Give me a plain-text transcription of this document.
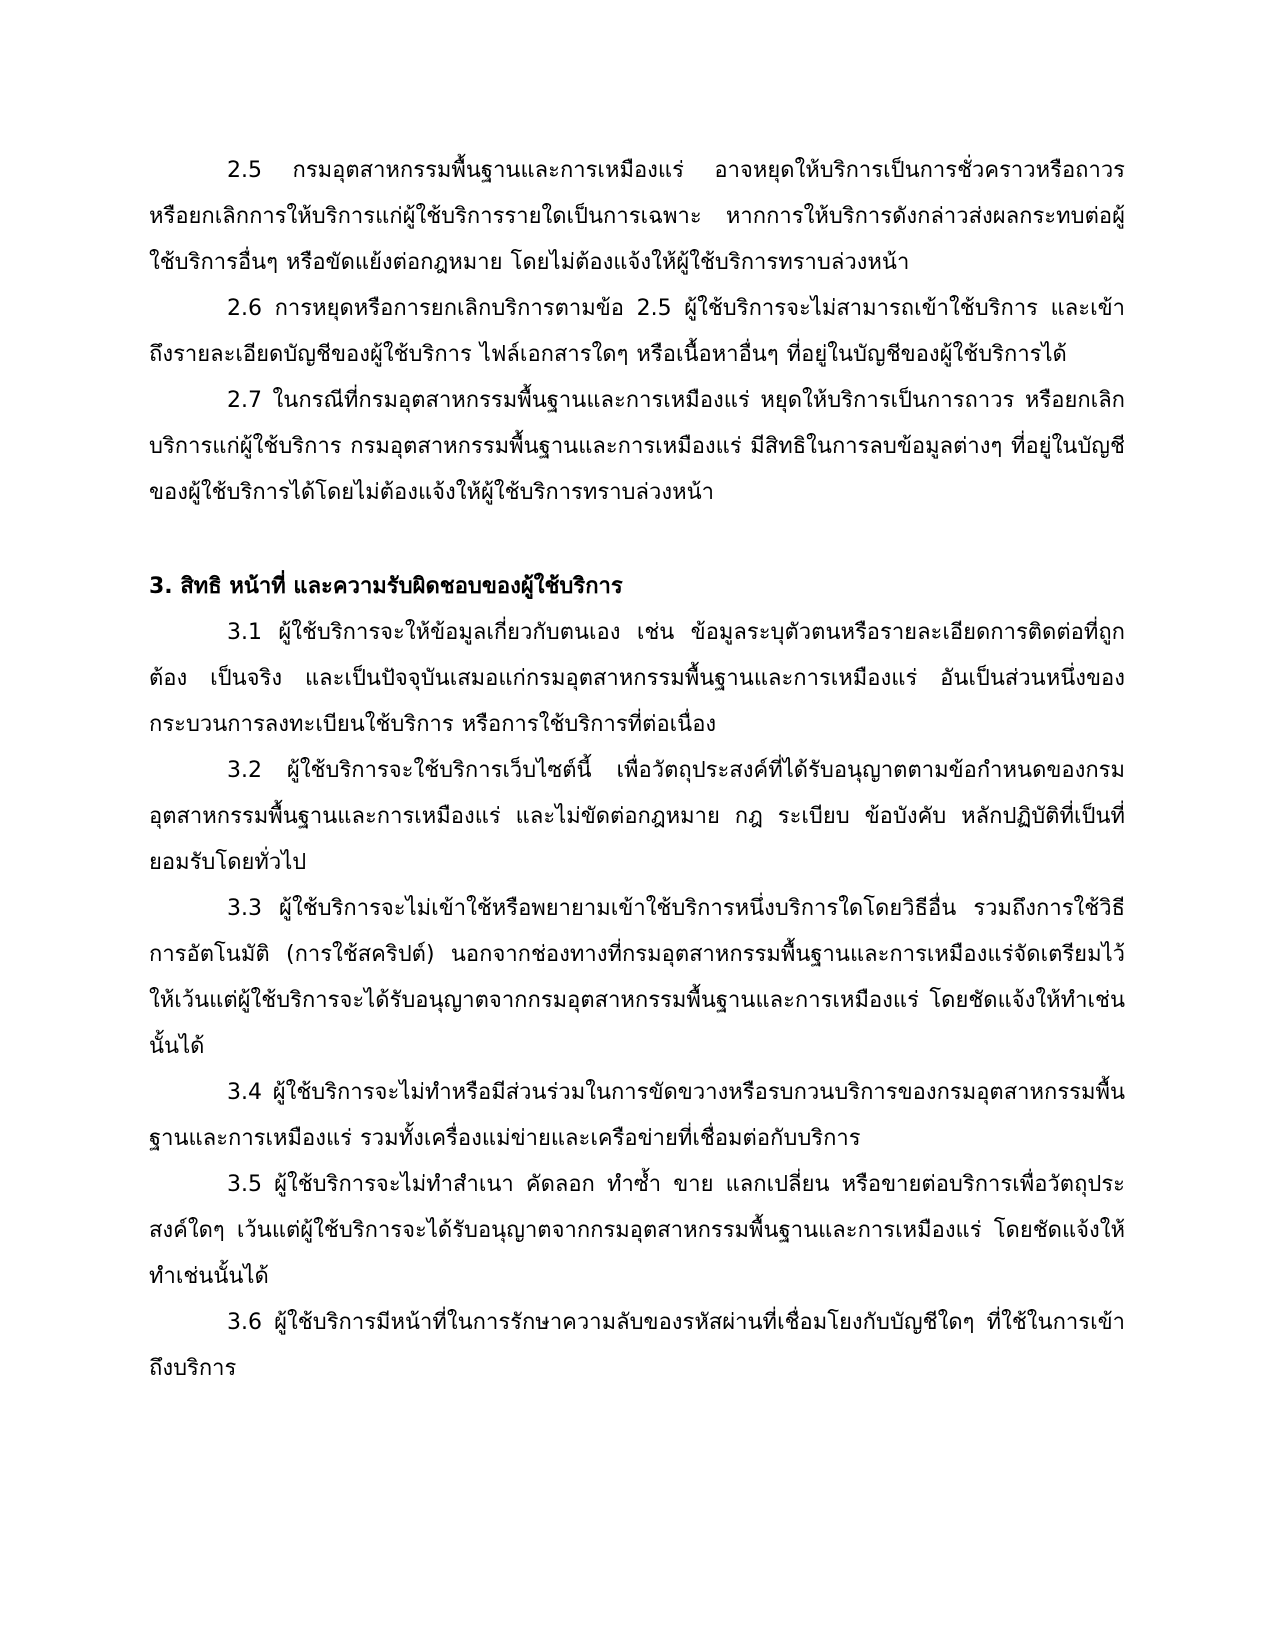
2.5 กรมอุตสาหกรรมพื้นฐานและการเหมืองแร่ อาจหยุดให้บริการเป็นการชั่วคราวหรือถาวร หรือยกเลิกการให้บริการแก่ผู้ใช้บริการรายใดเป็นการเฉพาะ หากการให้บริการดังกล่าวส่งผลกระทบต่อผู้ใช้บริการอื่นๆ หรือขัดแย้งต่อกฎหมาย โดยไม่ต้องแจ้งให้ผู้ใช้บริการทราบล่วงหน้า

2.6 การหยุดหรือการยกเลิกบริการตามข้อ 2.5 ผู้ใช้บริการจะไม่สามารถเข้าใช้บริการ และเข้าถึงรายละเอียดบัญชีของผู้ใช้บริการ ไฟล์เอกสารใดๆ หรือเนื้อหาอื่นๆ ที่อยู่ในบัญชีของผู้ใช้บริการได้

2.7 ในกรณีที่กรมอุตสาหกรรมพื้นฐานและการเหมืองแร่ หยุดให้บริการเป็นการถาวร หรือยกเลิกบริการแก่ผู้ใช้บริการ กรมอุตสาหกรรมพื้นฐานและการเหมืองแร่ มีสิทธิในการลบข้อมูลต่างๆ ที่อยู่ในบัญชีของผู้ใช้บริการได้โดยไม่ต้องแจ้งให้ผู้ใช้บริการทราบล่วงหน้า

3. สิทธิ หน้าที่ และความรับผิดชอบของผู้ใช้บริการ

3.1 ผู้ใช้บริการจะให้ข้อมูลเกี่ยวกับตนเอง เช่น ข้อมูลระบุตัวตนหรือรายละเอียดการติดต่อที่ถูกต้อง เป็นจริง และเป็นปัจจุบันเสมอแก่กรมอุตสาหกรรมพื้นฐานและการเหมืองแร่ อันเป็นส่วนหนึ่งของกระบวนการลงทะเบียนใช้บริการ หรือการใช้บริการที่ต่อเนื่อง

3.2 ผู้ใช้บริการจะใช้บริการเว็บไซต์นี้ เพื่อวัตถุประสงค์ที่ได้รับอนุญาตตามข้อกำหนดของกรมอุตสาหกรรมพื้นฐานและการเหมืองแร่ และไม่ขัดต่อกฎหมาย กฎ ระเบียบ ข้อบังคับ หลักปฏิบัติที่เป็นที่ยอมรับโดยทั่วไป

3.3 ผู้ใช้บริการจะไม่เข้าใช้หรือพยายามเข้าใช้บริการหนึ่งบริการใดโดยวิธีอื่น รวมถึงการใช้วิธีการอัตโนมัติ (การใช้สคริปต์) นอกจากช่องทางที่กรมอุตสาหกรรมพื้นฐานและการเหมืองแร่จัดเตรียมไว้ให้เว้นแต่ผู้ใช้บริการจะได้รับอนุญาตจากกรมอุตสาหกรรมพื้นฐานและการเหมืองแร่ โดยชัดแจ้งให้ทำเช่นนั้นได้

3.4 ผู้ใช้บริการจะไม่ทำหรือมีส่วนร่วมในการขัดขวางหรือรบกวนบริการของกรมอุตสาหกรรมพื้นฐานและการเหมืองแร่ รวมทั้งเครื่องแม่ข่ายและเครือข่ายที่เชื่อมต่อกับบริการ

3.5 ผู้ใช้บริการจะไม่ทำสำเนา คัดลอก ทำซ้ำ ขาย แลกเปลี่ยน หรือขายต่อบริการเพื่อวัตถุประสงค์ใดๆ เว้นแต่ผู้ใช้บริการจะได้รับอนุญาตจากกรมอุตสาหกรรมพื้นฐานและการเหมืองแร่ โดยชัดแจ้งให้ทำเช่นนั้นได้

3.6 ผู้ใช้บริการมีหน้าที่ในการรักษาความลับของรหัสผ่านที่เชื่อมโยงกับบัญชีใดๆ ที่ใช้ในการเข้าถึงบริการ
